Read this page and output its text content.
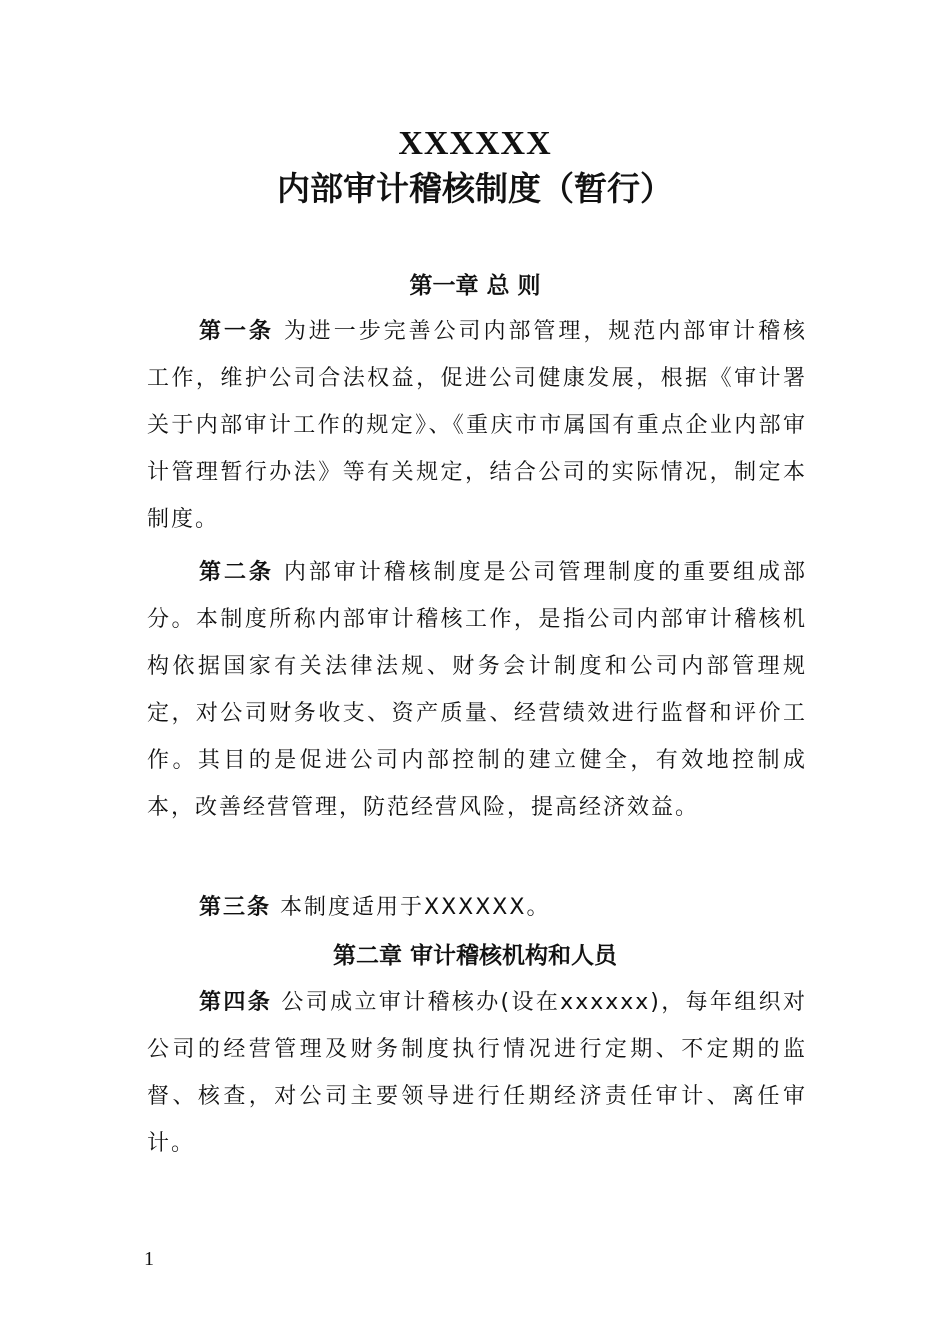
XXXXXX
内部审计稽核制度（暂行）
第一章 总 则

第一条 为进一步完善公司内部管理，规范内部审计稽核工作，维护公司合法权益，促进公司健康发展，根据《审计署关于内部审计工作的规定》、《重庆市市属国有重点企业内部审计管理暂行办法》等有关规定，结合公司的实际情况，制定本制度。

第二条 内部审计稽核制度是公司管理制度的重要组成部分。本制度所称内部审计稽核工作，是指公司内部审计稽核机构依据国家有关法律法规、财务会计制度和公司内部管理规定，对公司财务收支、资产质量、经营绩效进行监督和评价工作。其目的是促进公司内部控制的建立健全，有效地控制成本，改善经营管理，防范经营风险，提高经济效益。

第三条 本制度适用于XXXXXX。

第二章 审计稽核机构和人员

第四条 公司成立审计稽核办(设在xxxxxx)，每年组织对公司的经营管理及财务制度执行情况进行定期、不定期的监督、核查，对公司主要领导进行任期经济责任审计、离任审计。

1
